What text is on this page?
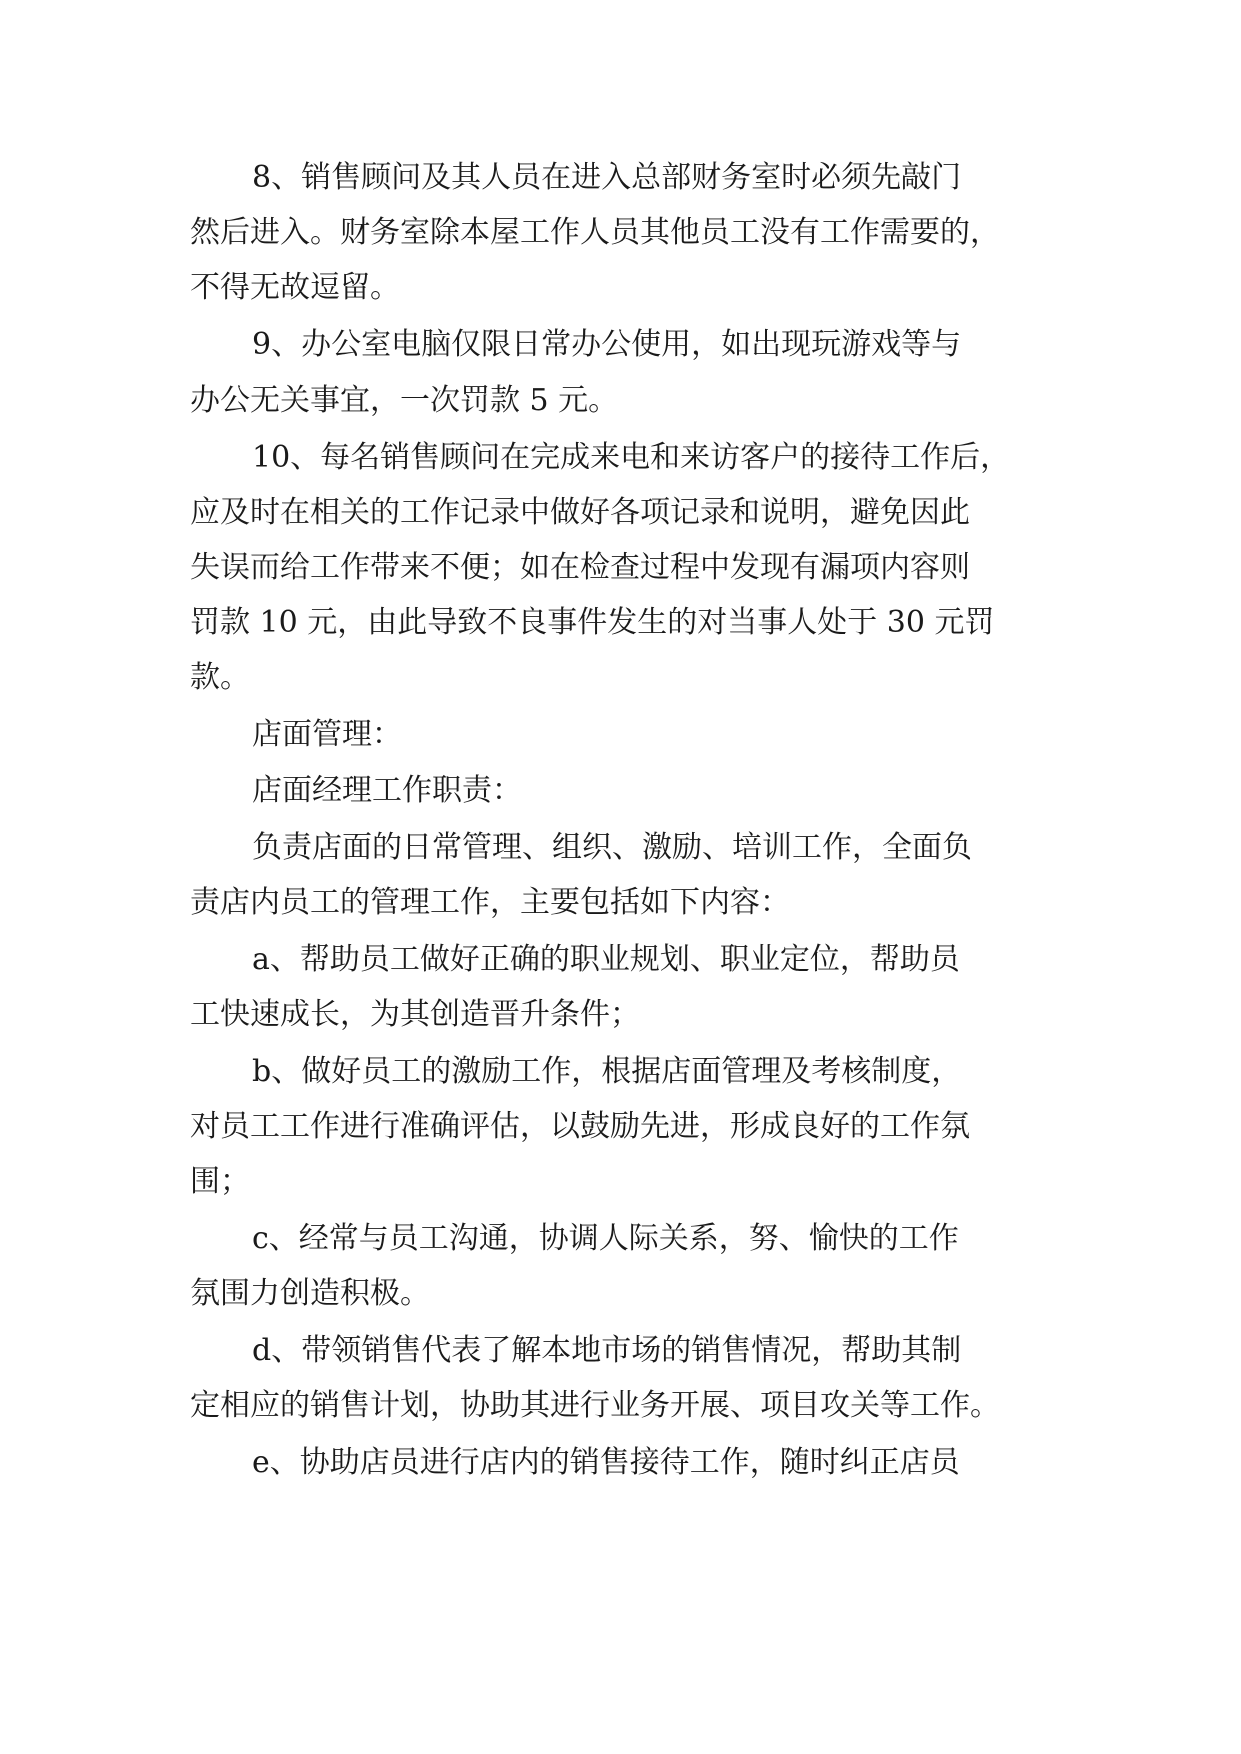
8、销售顾问及其人员在进入总部财务室时必须先敲门
然后进入。财务室除本屋工作人员其他员工没有工作需要的，
不得无故逗留。
9、办公室电脑仅限日常办公使用，如出现玩游戏等与
办公无关事宜，一次罚款 5 元。
10、每名销售顾问在完成来电和来访客户的接待工作后，
应及时在相关的工作记录中做好各项记录和说明，避免因此
失误而给工作带来不便；如在检查过程中发现有漏项内容则
罚款 10 元，由此导致不良事件发生的对当事人处于 30 元罚
款。
店面管理：
店面经理工作职责：
负责店面的日常管理、组织、激励、培训工作，全面负
责店内员工的管理工作，主要包括如下内容：
a、帮助员工做好正确的职业规划、职业定位，帮助员
工快速成长，为其创造晋升条件；
b、做好员工的激励工作，根据店面管理及考核制度，
对员工工作进行准确评估，以鼓励先进，形成良好的工作氛
围；
c、经常与员工沟通，协调人际关系，努、愉快的工作
氛围力创造积极。
d、带领销售代表了解本地市场的销售情况，帮助其制
定相应的销售计划，协助其进行业务开展、项目攻关等工作。
e、协助店员进行店内的销售接待工作，随时纠正店员
